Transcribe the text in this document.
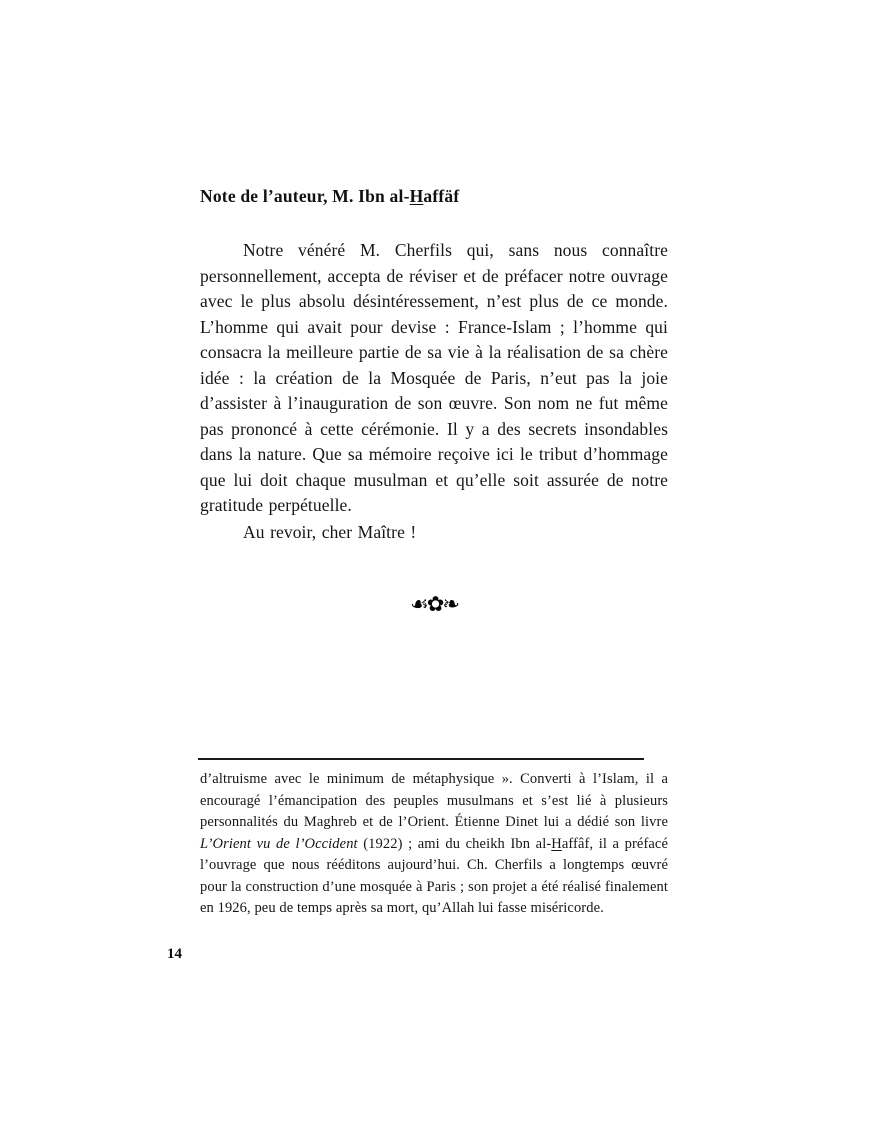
Note de l’auteur, M. Ibn al-Haffäf

Notre vénéré M. Cherfils qui, sans nous connaître personnellement, accepta de réviser et de préfacer notre ouvrage avec le plus absolu désintéressement, n’est plus de ce monde. L’homme qui avait pour devise : France-Islam ; l’homme qui consacra la meilleure partie de sa vie à la réalisation de sa chère idée : la création de la Mosquée de Paris, n’eut pas la joie d’assister à l’inauguration de son œuvre. Son nom ne fut même pas prononcé à cette cérémonie. Il y a des secrets insondables dans la nature. Que sa mémoire reçoive ici le tribut d’hommage que lui doit chaque musulman et qu’elle soit assurée de notre gratitude perpétuelle.

Au revoir, cher Maître !

☙✿❧

d’altruisme avec le minimum de métaphysique ». Converti à l’Islam, il a encouragé l’émancipation des peuples musulmans et s’est lié à plusieurs personnalités du Maghreb et de l’Orient. Étienne Dinet lui a dédié son livre L’Orient vu de l’Occident (1922) ; ami du cheikh Ibn al-Haffâf, il a préfacé l’ouvrage que nous rééditons aujourd’hui. Ch. Cherfils a longtemps œuvré pour la construction d’une mosquée à Paris ; son projet a été réalisé finalement en 1926, peu de temps après sa mort, qu’Allah lui fasse miséricorde.

14
